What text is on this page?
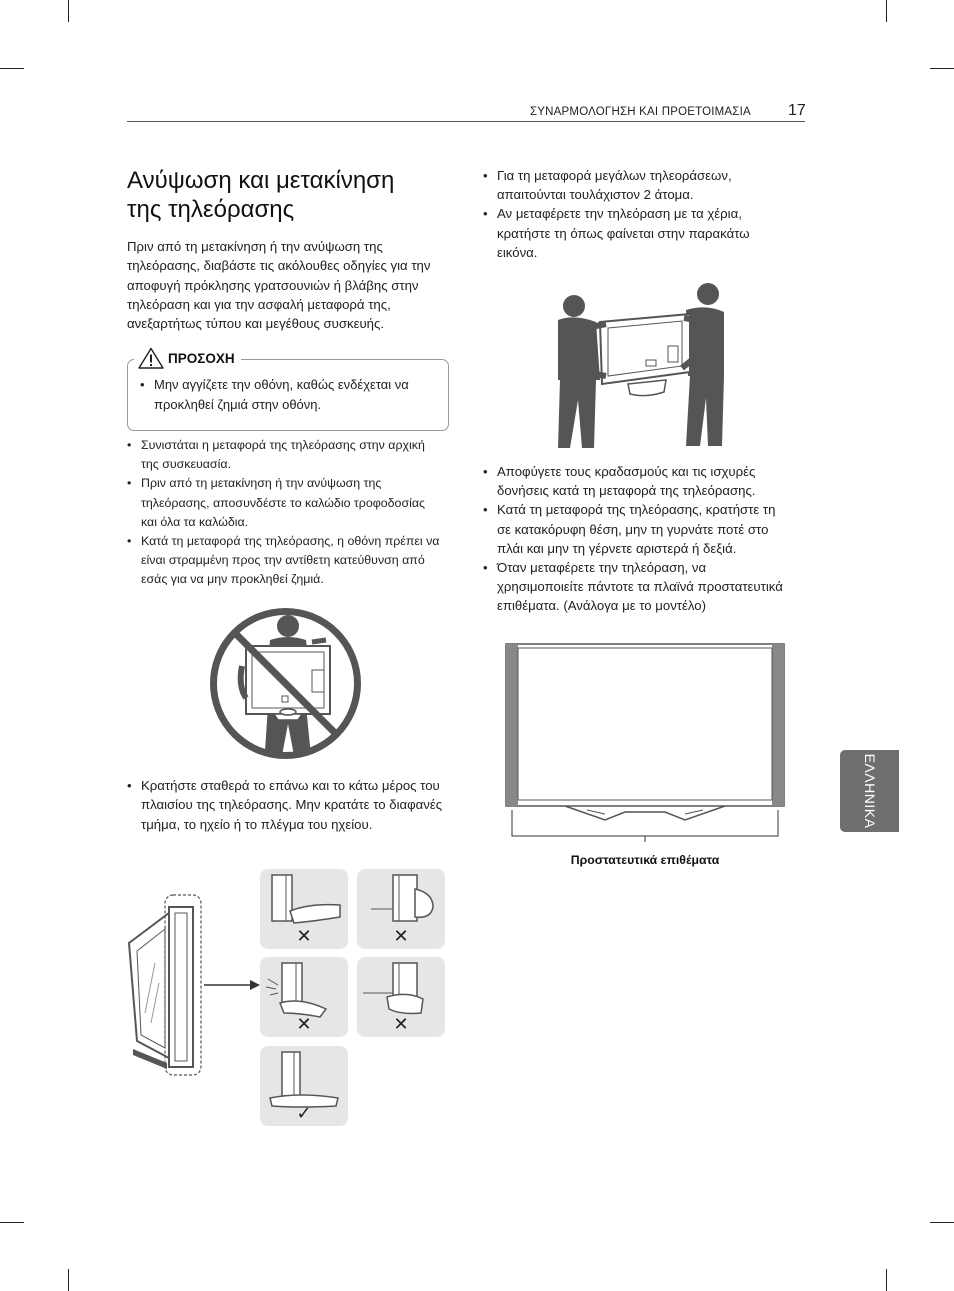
ΣΥΝΑΡΜΟΛΟΓΗΣΗ ΚΑΙ ΠΡΟΕΤΟΙΜΑΣΙΑ 17
Ανύψωση και μετακίνηση
της τηλεόρασης

Πριν από τη μετακίνηση ή την ανύψωση της τηλεόρασης, διαβάστε τις ακόλουθες οδηγίες για την αποφυγή πρόκλησης γρατσουνιών ή βλάβης στην τηλεόραση και για την ασφαλή μεταφορά της, ανεξαρτήτως τύπου και μεγέθους συσκευής.

ΠΡΟΣΟΧΗ
• Μην αγγίζετε την οθόνη, καθώς ενδέχεται να προκληθεί ζημιά στην οθόνη.
• Συνιστάται η μεταφορά της τηλεόρασης στην αρχική της συσκευασία.
• Πριν από τη μετακίνηση ή την ανύψωση της τηλεόρασης, αποσυνδέστε το καλώδιο τροφοδοσίας και όλα τα καλώδια.
• Κατά τη μεταφορά της τηλεόρασης, η οθόνη πρέπει να είναι στραμμένη προς την αντίθετη κατεύθυνση από εσάς για να μην προκληθεί ζημιά.
• Κρατήστε σταθερά το επάνω και το κάτω μέρος του πλαισίου της τηλεόρασης. Μην κρατάτε το διαφανές τμήμα, το ηχείο ή το πλέγμα του ηχείου.
✕	✕
✕	✕
✓
• Για τη μεταφορά μεγάλων τηλεοράσεων, απαιτούνται τουλάχιστον 2 άτομα.
• Αν μεταφέρετε την τηλεόραση με τα χέρια, κρατήστε τη όπως φαίνεται στην παρακάτω εικόνα.
• Αποφύγετε τους κραδασμούς και τις ισχυρές δονήσεις κατά τη μεταφορά της τηλεόρασης.
• Κατά τη μεταφορά της τηλεόρασης, κρατήστε τη σε κατακόρυφη θέση, μην τη γυρνάτε ποτέ στο πλάι και μην τη γέρνετε αριστερά ή δεξιά.
• Όταν μεταφέρετε την τηλεόραση, να χρησιμοποιείτε πάντοτε τα πλαϊνά προστατευτικά επιθέματα. (Ανάλογα με το μοντέλο)
Προστατευτικά επιθέματα
ΕΛΛΗΝΙΚΑ
